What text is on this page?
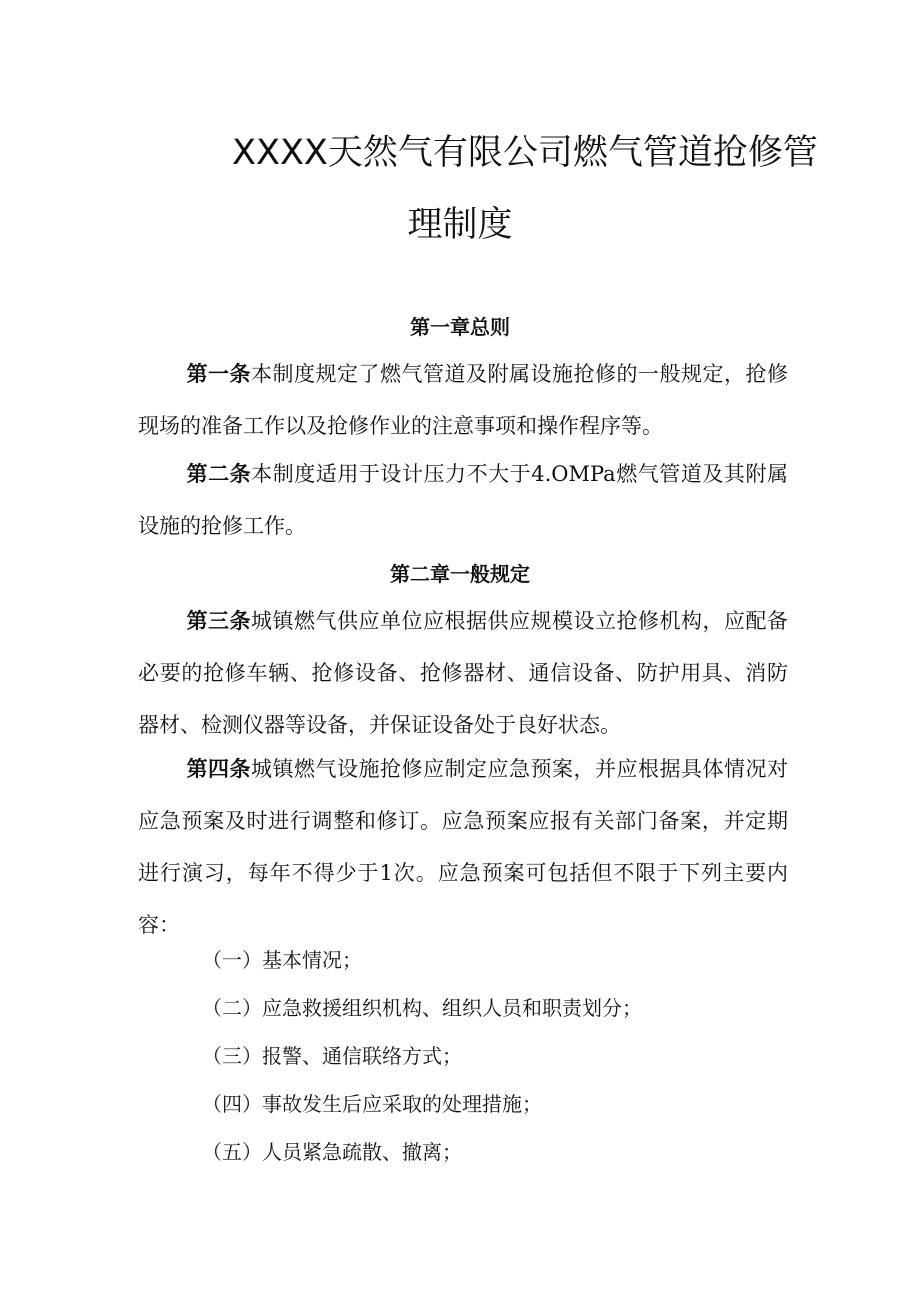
XXXX天然气有限公司燃气管道抢修管
理制度
第一章总则

第一条本制度规定了燃气管道及附属设施抢修的一般规定，抢修现场的准备工作以及抢修作业的注意事项和操作程序等。

第二条本制度适用于设计压力不大于4.OMPa燃气管道及其附属设施的抢修工作。

第二章一般规定

第三条城镇燃气供应单位应根据供应规模设立抢修机构，应配备必要的抢修车辆、抢修设备、抢修器材、通信设备、防护用具、消防器材、检测仪器等设备，并保证设备处于良好状态。

第四条城镇燃气设施抢修应制定应急预案，并应根据具体情况对应急预案及时进行调整和修订。应急预案应报有关部门备案，并定期进行演习，每年不得少于1次。应急预案可包括但不限于下列主要内容：

（一）基本情况；
（二）应急救援组织机构、组织人员和职责划分；
（三）报警、通信联络方式；
（四）事故发生后应采取的处理措施；
（五）人员紧急疏散、撤离；
